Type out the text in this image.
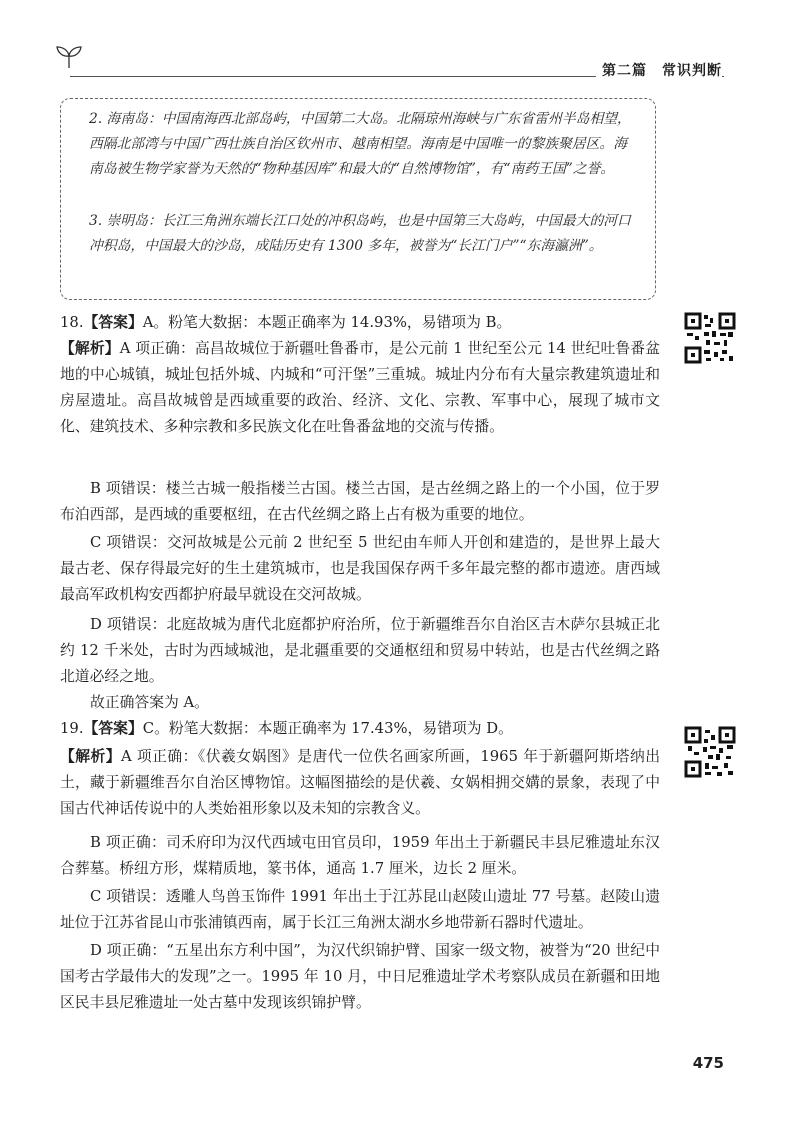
第二篇　常识判断

2. 海南岛：中国南海西北部岛屿，中国第二大岛。北隔琼州海峡与广东省雷州半岛相望，西隔北部湾与中国广西壮族自治区钦州市、越南相望。海南是中国唯一的黎族聚居区。海南岛被生物学家誉为天然的“物种基因库”和最大的“自然博物馆”，有“南药王国”之誉。

3. 崇明岛：长江三角洲东端长江口处的冲积岛屿，也是中国第三大岛屿，中国最大的河口冲积岛，中国最大的沙岛，成陆历史有 1300 多年，被誉为“长江门户”“东海瀛洲”。

18.【答案】A。粉笔大数据：本题正确率为 14.93%，易错项为 B。

【解析】A 项正确：高昌故城位于新疆吐鲁番市，是公元前 1 世纪至公元 14 世纪吐鲁番盆地的中心城镇，城址包括外城、内城和“可汗堡”三重城。城址内分布有大量宗教建筑遗址和房屋遗址。高昌故城曾是西域重要的政治、经济、文化、宗教、军事中心，展现了城市文化、建筑技术、多种宗教和多民族文化在吐鲁番盆地的交流与传播。

B 项错误：楼兰古城一般指楼兰古国。楼兰古国，是古丝绸之路上的一个小国，位于罗布泊西部，是西域的重要枢纽，在古代丝绸之路上占有极为重要的地位。

C 项错误：交河故城是公元前 2 世纪至 5 世纪由车师人开创和建造的，是世界上最大最古老、保存得最完好的生土建筑城市，也是我国保存两千多年最完整的都市遗迹。唐西域最高军政机构安西都护府最早就设在交河故城。

D 项错误：北庭故城为唐代北庭都护府治所，位于新疆维吾尔自治区吉木萨尔县城正北约 12 千米处，古时为西域城池，是北疆重要的交通枢纽和贸易中转站，也是古代丝绸之路北道必经之地。

故正确答案为 A。

19.【答案】C。粉笔大数据：本题正确率为 17.43%，易错项为 D。

【解析】A 项正确：《伏羲女娲图》是唐代一位佚名画家所画，1965 年于新疆阿斯塔纳出土，藏于新疆维吾尔自治区博物馆。这幅图描绘的是伏羲、女娲相拥交媾的景象，表现了中国古代神话传说中的人类始祖形象以及未知的宗教含义。

B 项正确：司禾府印为汉代西域屯田官员印，1959 年出土于新疆民丰县尼雅遗址东汉合葬墓。桥纽方形，煤精质地，篆书体，通高 1.7 厘米，边长 2 厘米。

C 项错误：透雕人鸟兽玉饰件 1991 年出土于江苏昆山赵陵山遗址 77 号墓。赵陵山遗址位于江苏省昆山市张浦镇西南，属于长江三角洲太湖水乡地带新石器时代遗址。

D 项正确：“五星出东方利中国”，为汉代织锦护臂、国家一级文物，被誉为“20 世纪中国考古学最伟大的发现”之一。1995 年 10 月，中日尼雅遗址学术考察队成员在新疆和田地区民丰县尼雅遗址一处古墓中发现该织锦护臂。

475
